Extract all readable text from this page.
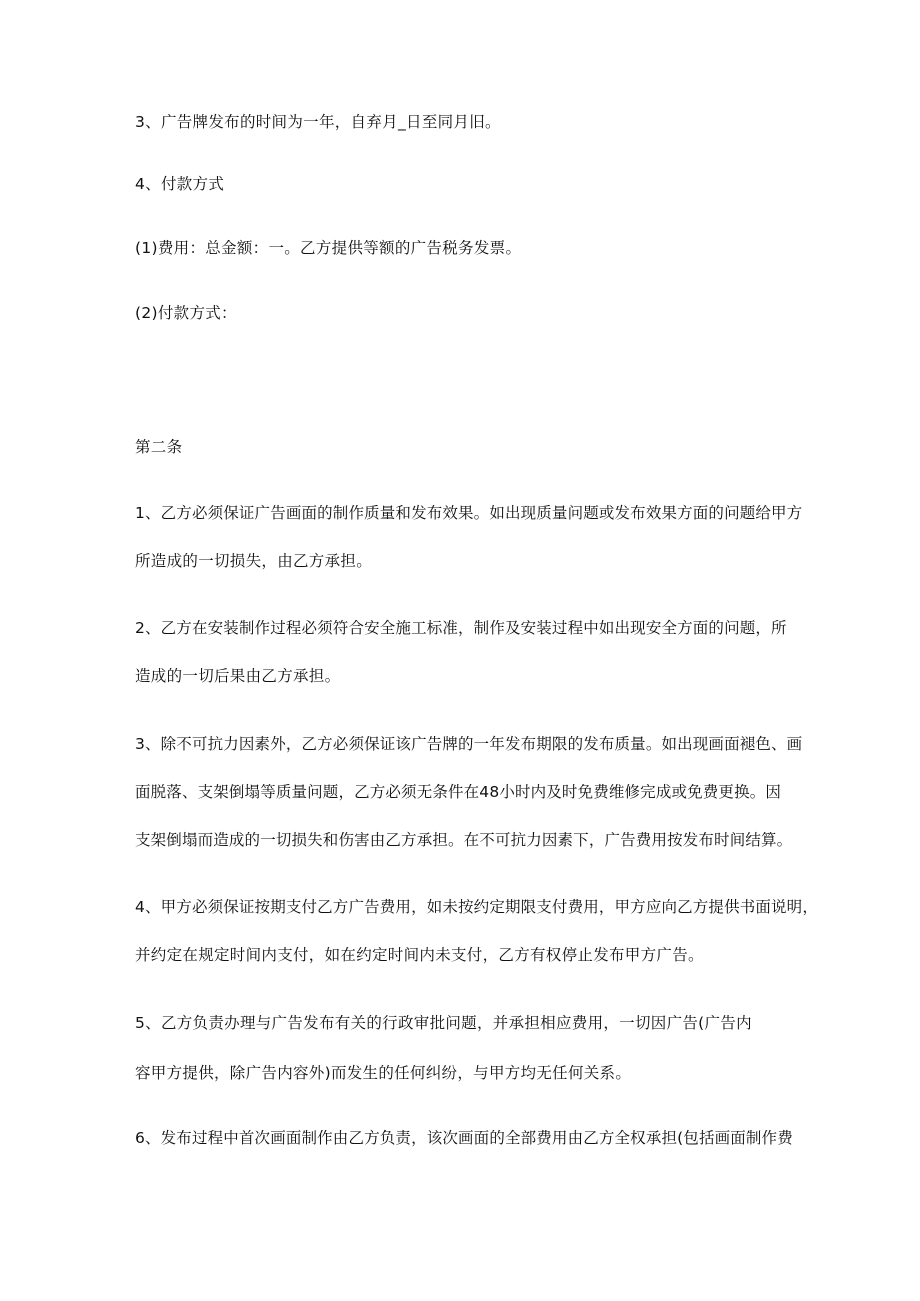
3、广告牌发布的时间为一年，自弃月_日至同月旧。
4、付款方式
(1)费用：总金额：一。乙方提供等额的广告税务发票。
(2)付款方式：
第二条
1、乙方必须保证广告画面的制作质量和发布效果。如出现质量问题或发布效果方面的问题给甲方
所造成的一切损失，由乙方承担。
2、乙方在安装制作过程必须符合安全施工标准，制作及安装过程中如出现安全方面的问题，所
造成的一切后果由乙方承担。
3、除不可抗力因素外，乙方必须保证该广告牌的一年发布期限的发布质量。如出现画面褪色、画
面脱落、支架倒塌等质量问题，乙方必须无条件在48小时内及时免费维修完成或免费更换。因
支架倒塌而造成的一切损失和伤害由乙方承担。在不可抗力因素下，广告费用按发布时间结算。
4、甲方必须保证按期支付乙方广告费用，如未按约定期限支付费用，甲方应向乙方提供书面说明，
并约定在规定时间内支付，如在约定时间内未支付，乙方有权停止发布甲方广告。
5、乙方负责办理与广告发布有关的行政审批问题，并承担相应费用，一切因广告(广告内
容甲方提供，除广告内容外)而发生的任何纠纷，与甲方均无任何关系。
6、发布过程中首次画面制作由乙方负责，该次画面的全部费用由乙方全权承担(包括画面制作费
